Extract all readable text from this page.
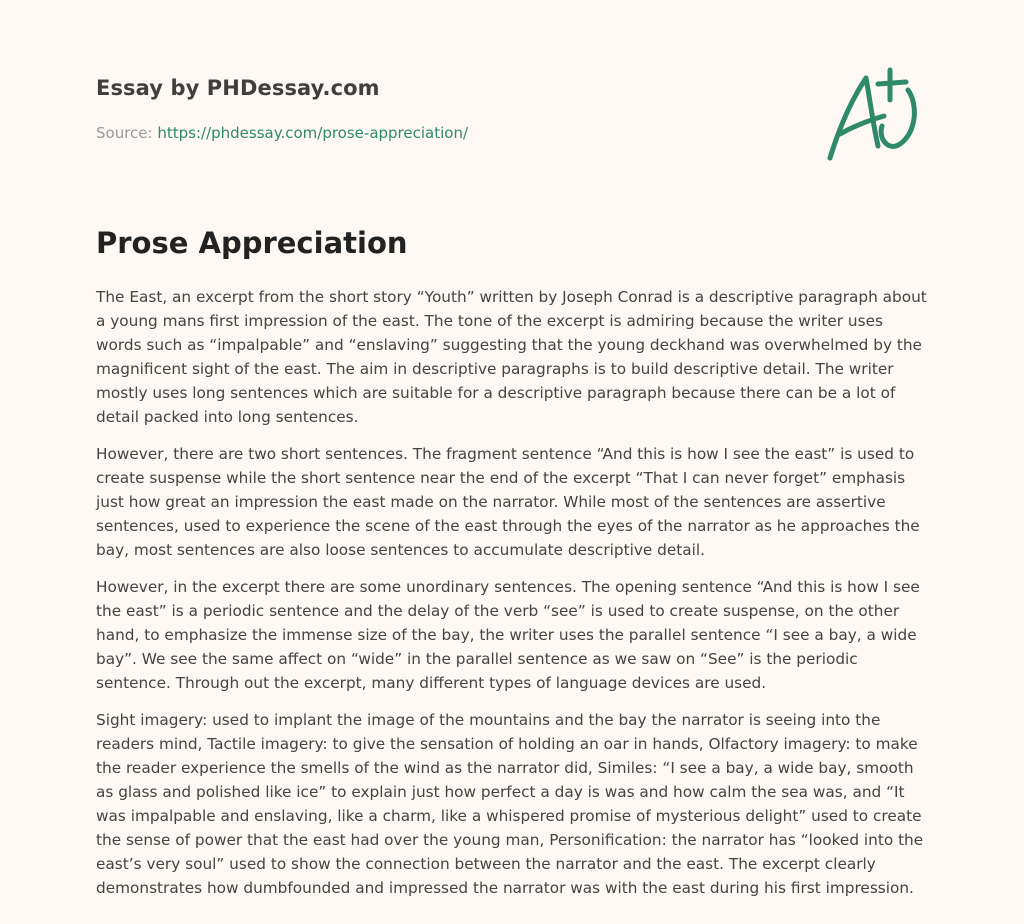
Essay by PHDessay.com
Source: https://phdessay.com/prose-appreciation/
Prose Appreciation

The East, an excerpt from the short story “Youth” written by Joseph Conrad is a descriptive paragraph about a young mans first impression of the east. The tone of the excerpt is admiring because the writer uses words such as “impalpable” and “enslaving” suggesting that the young deckhand was overwhelmed by the magnificent sight of the east. The aim in descriptive paragraphs is to build descriptive detail. The writer mostly uses long sentences which are suitable for a descriptive paragraph because there can be a lot of detail packed into long sentences.

However, there are two short sentences. The fragment sentence “And this is how I see the east” is used to create suspense while the short sentence near the end of the excerpt “That I can never forget” emphasis just how great an impression the east made on the narrator. While most of the sentences are assertive sentences, used to experience the scene of the east through the eyes of the narrator as he approaches the bay, most sentences are also loose sentences to accumulate descriptive detail.

However, in the excerpt there are some unordinary sentences. The opening sentence “And this is how I see the east” is a periodic sentence and the delay of the verb “see” is used to create suspense, on the other hand, to emphasize the immense size of the bay, the writer uses the parallel sentence “I see a bay, a wide bay”. We see the same affect on “wide” in the parallel sentence as we saw on “See” is the periodic sentence. Through out the excerpt, many different types of language devices are used.

Sight imagery: used to implant the image of the mountains and the bay the narrator is seeing into the readers mind, Tactile imagery: to give the sensation of holding an oar in hands, Olfactory imagery: to make the reader experience the smells of the wind as the narrator did, Similes: “I see a bay, a wide bay, smooth as glass and polished like ice” to explain just how perfect a day is was and how calm the sea was, and “It was impalpable and enslaving, like a charm, like a whispered promise of mysterious delight” used to create the sense of power that the east had over the young man, Personification: the narrator has “looked into the east’s very soul” used to show the connection between the narrator and the east. The excerpt clearly demonstrates how dumbfounded and impressed the narrator was with the east during his first impression.
